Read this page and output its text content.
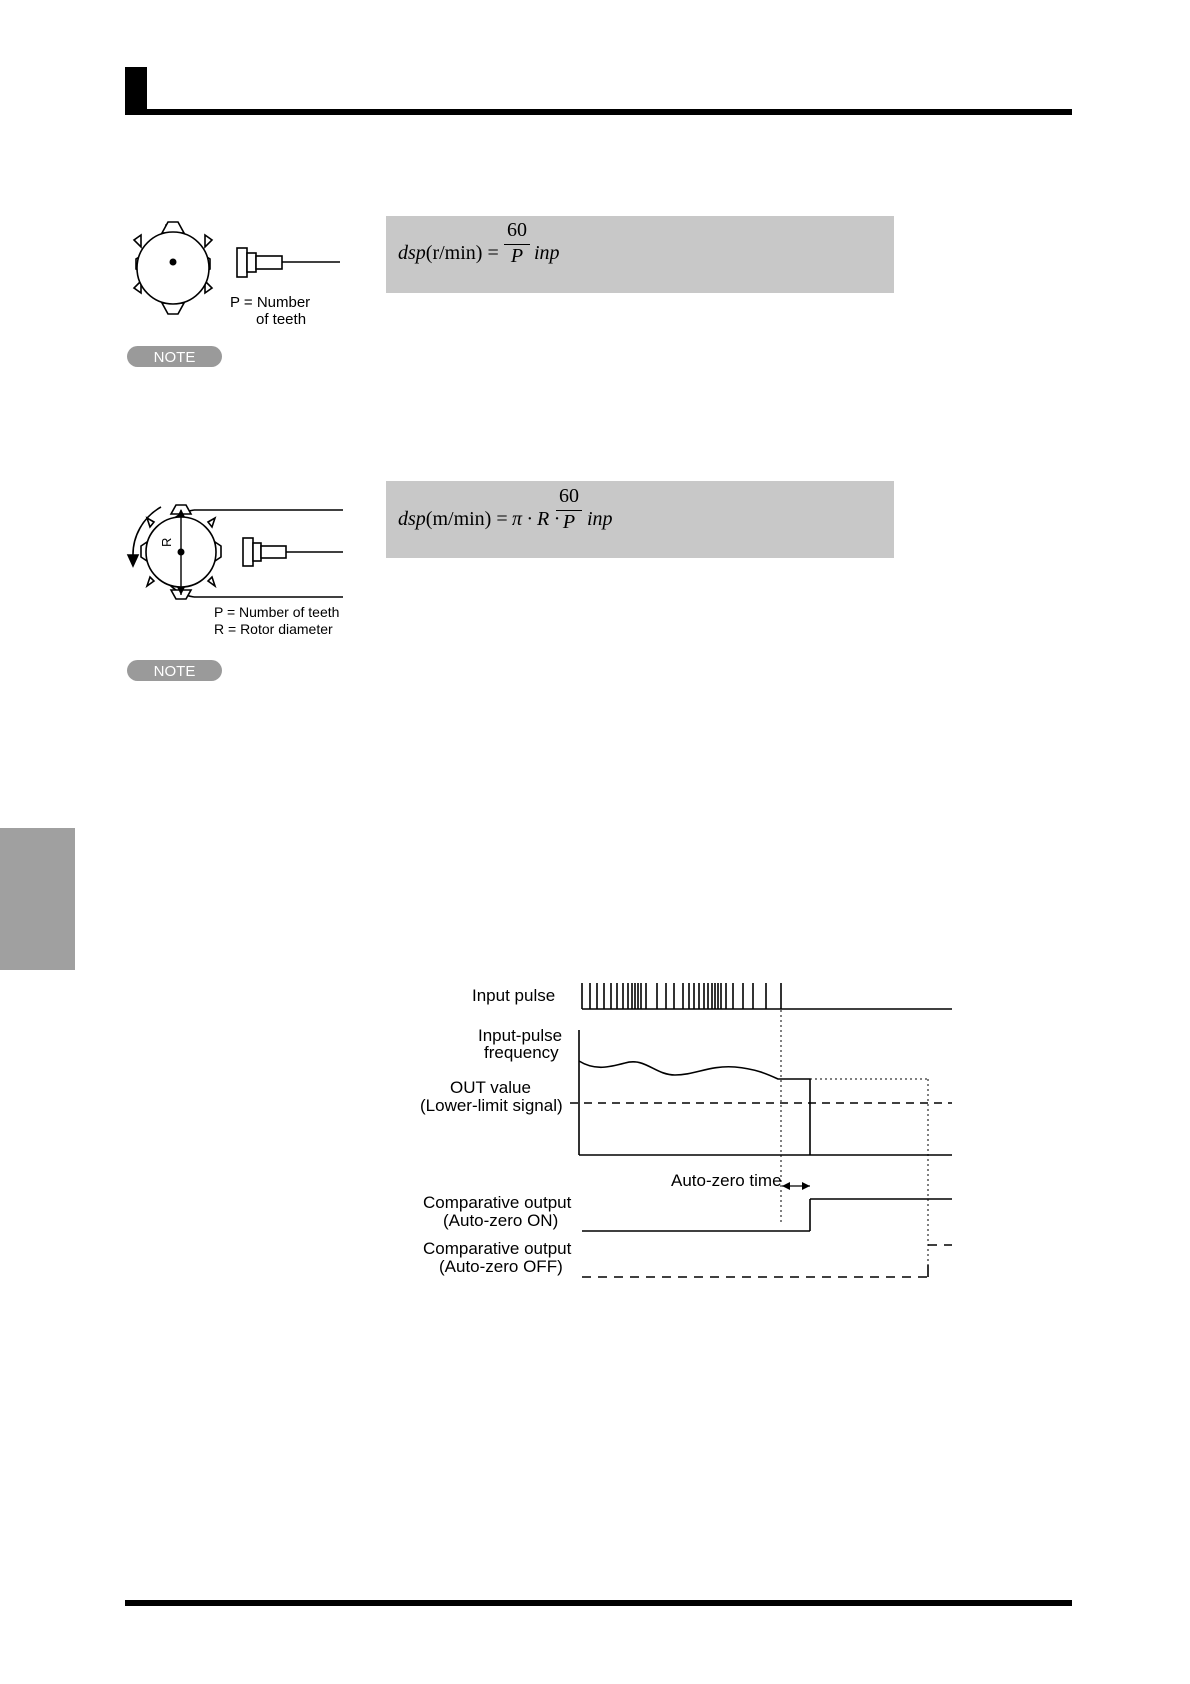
P = Number
of teeth
dsp(r/min) =
60
P inp
NOTE
R
P = Number of teeth
R = Rotor diameter
dsp(m/min) = π · R ·
60
P inp
NOTE
Input pulse
Input-pulse
frequency
OUT value
(Lower-limit signal)
Auto-zero time
Comparative output
(Auto-zero ON)
Comparative output
(Auto-zero OFF)
